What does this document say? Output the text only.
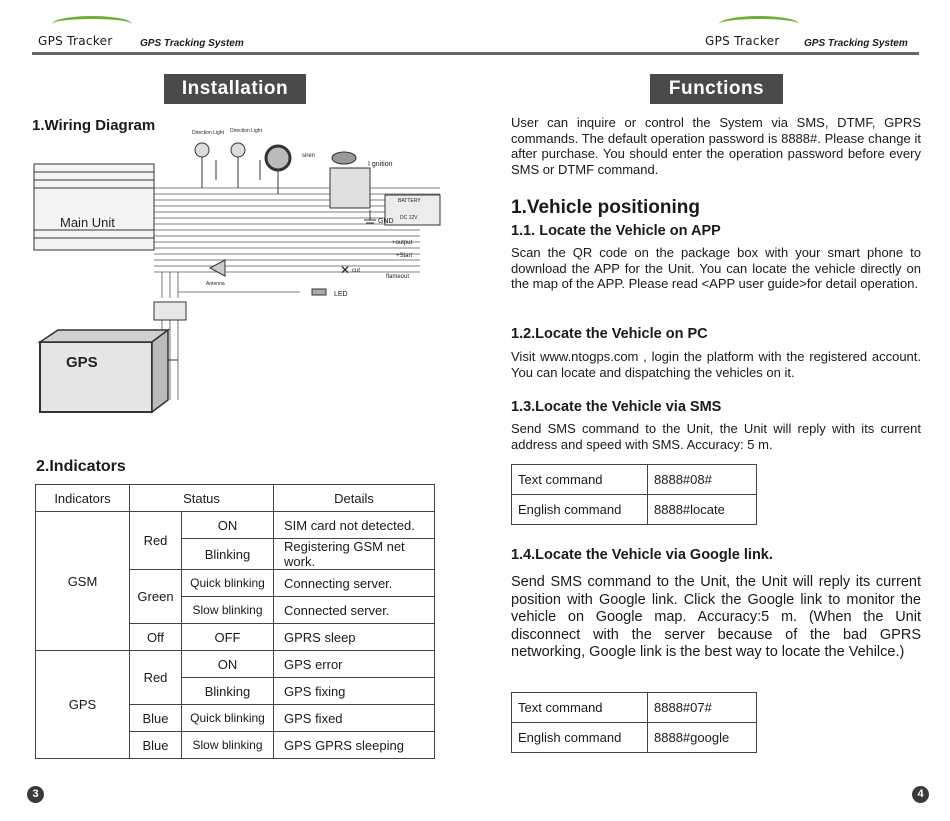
GPS Tracker	GPS Tracking System
Installation
1.Wiring Diagram
Main Unit
GPS
Direction Light Direction Light
siren
I gnition
BATTERY
DC 12V
GND
+output
+Start
cut
flameout
Antenna
LED
✕
2.Indicators
Indicators	Status		Details
GSM	Red	ON	SIM card not detected.
		Blinking	Registering GSM net work.
	Green	Quick blinking	Connecting server.
		Slow blinking	Connected server.
	Off	OFF	GPRS sleep
GPS	Red	ON	GPS error
		Blinking	GPS fixing
	Blue	Quick blinking	GPS fixed
	Blue	Slow blinking	GPS GPRS sleeping
3
GPS Tracker GPS Tracking System
Functions
User can inquire or control the System via SMS, DTMF, GPRS commands. The default operation password is 8888#. Please change it after purchase. You should enter the operation password before every SMS or DTMF command.
1.Vehicle positioning
1.1. Locate the Vehicle on APP
Scan the QR code on the package box with your smart phone to download the APP for the Unit. You can locate the vehicle directly on the map of the APP. Please read <APP user guide>for detail operation.
1.2.Locate the Vehicle on PC
Visit www.ntogps.com , login the platform with the registered account. You can locate and dispatching the vehicles on it.
1.3.Locate the Vehicle via SMS
Send SMS command to the Unit, the Unit will reply with its current address and speed with SMS. Accuracy: 5 m.
Text command	8888#08#
English command	8888#locate
1.4.Locate the Vehicle via Google link.
Send SMS command to the Unit, the Unit will reply its current position with Google link. Click the Google link to monitor the vehicle on Google map. Accuracy:5 m. (When the Unit disconnect with the server because of the bad GPRS networking, Google link is the best way to locate the Vehilce.)
Text command	8888#07#
English command	8888#google
4
